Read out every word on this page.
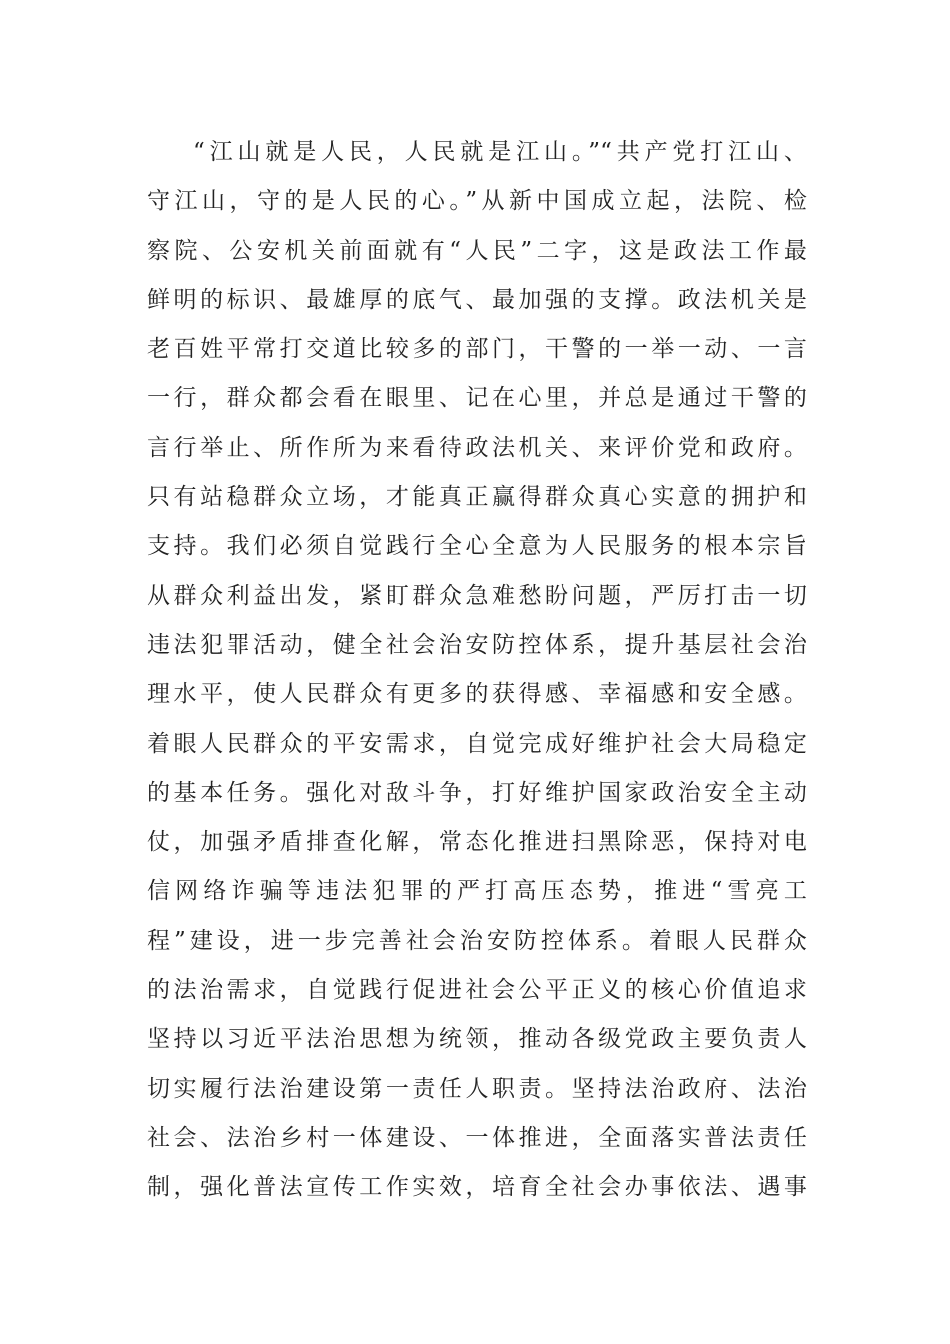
“江山就是人民，人民就是江山。”“共产党打江山、
守江山，守的是人民的心。”从新中国成立起，法院、检
察院、公安机关前面就有“人民”二字，这是政法工作最
鲜明的标识、最雄厚的底气、最加强的支撑。政法机关是
老百姓平常打交道比较多的部门，干警的一举一动、一言
一行，群众都会看在眼里、记在心里，并总是通过干警的
言行举止、所作所为来看待政法机关、来评价党和政府。
只有站稳群众立场，才能真正赢得群众真心实意的拥护和
支持。我们必须自觉践行全心全意为人民服务的根本宗旨
从群众利益出发，紧盯群众急难愁盼问题，严厉打击一切
违法犯罪活动，健全社会治安防控体系，提升基层社会治
理水平，使人民群众有更多的获得感、幸福感和安全感。
着眼人民群众的平安需求，自觉完成好维护社会大局稳定
的基本任务。强化对敌斗争，打好维护国家政治安全主动
仗，加强矛盾排查化解，常态化推进扫黑除恶，保持对电
信网络诈骗等违法犯罪的严打高压态势，推进“雪亮工
程”建设，进一步完善社会治安防控体系。着眼人民群众
的法治需求，自觉践行促进社会公平正义的核心价值追求
坚持以习近平法治思想为统领，推动各级党政主要负责人
切实履行法治建设第一责任人职责。坚持法治政府、法治
社会、法治乡村一体建设、一体推进，全面落实普法责任
制，强化普法宣传工作实效，培育全社会办事依法、遇事
